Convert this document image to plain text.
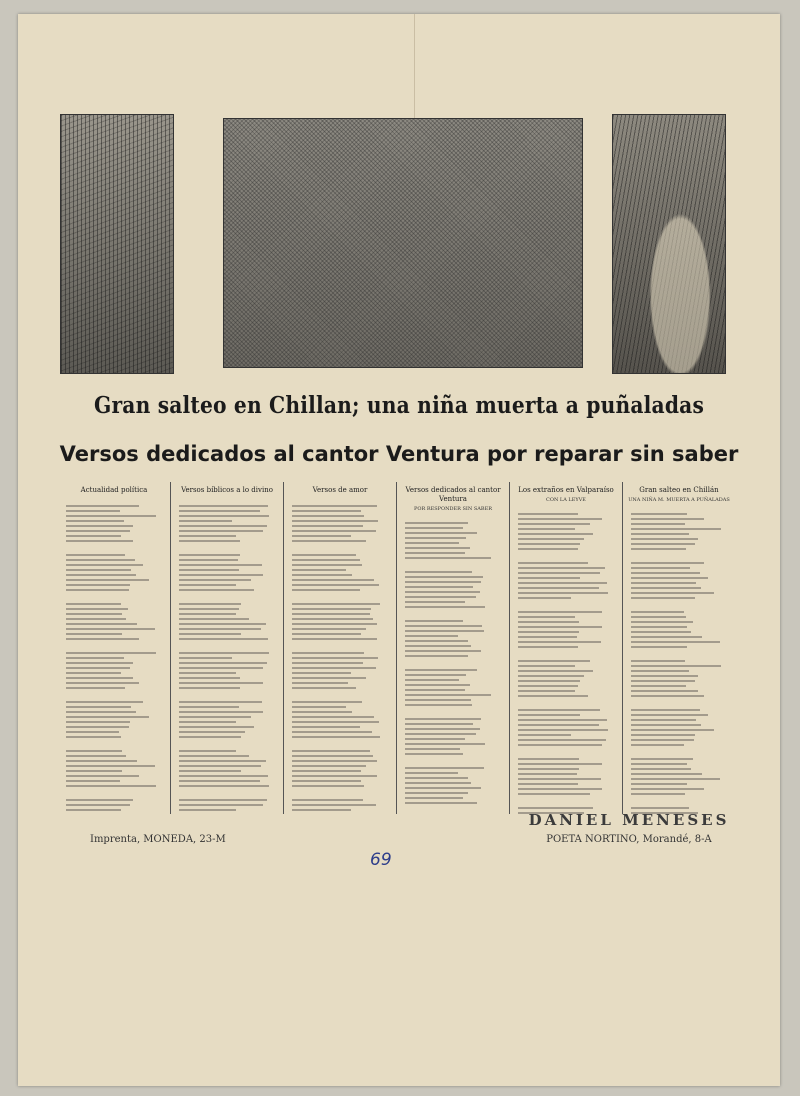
Gran salteo en Chillan; una niña muerta a puñaladas
Versos dedicados al cantor Ventura por reparar sin saber
Actualidad política	Versos bíblicos a lo divino	Versos de amor	Versos dedicados al cantor Ventura
POR RESPONDER SIN SABER
Los extraños en Valparaíso
CON LA LEYVE
Gran salteo en Chillán
UNA NIÑA M. MUERTA A PUÑALADAS
Imprenta, MONEDA, 23-M
DANIEL MENESES
POETA NORTINO, Morandé, 8-A
69
